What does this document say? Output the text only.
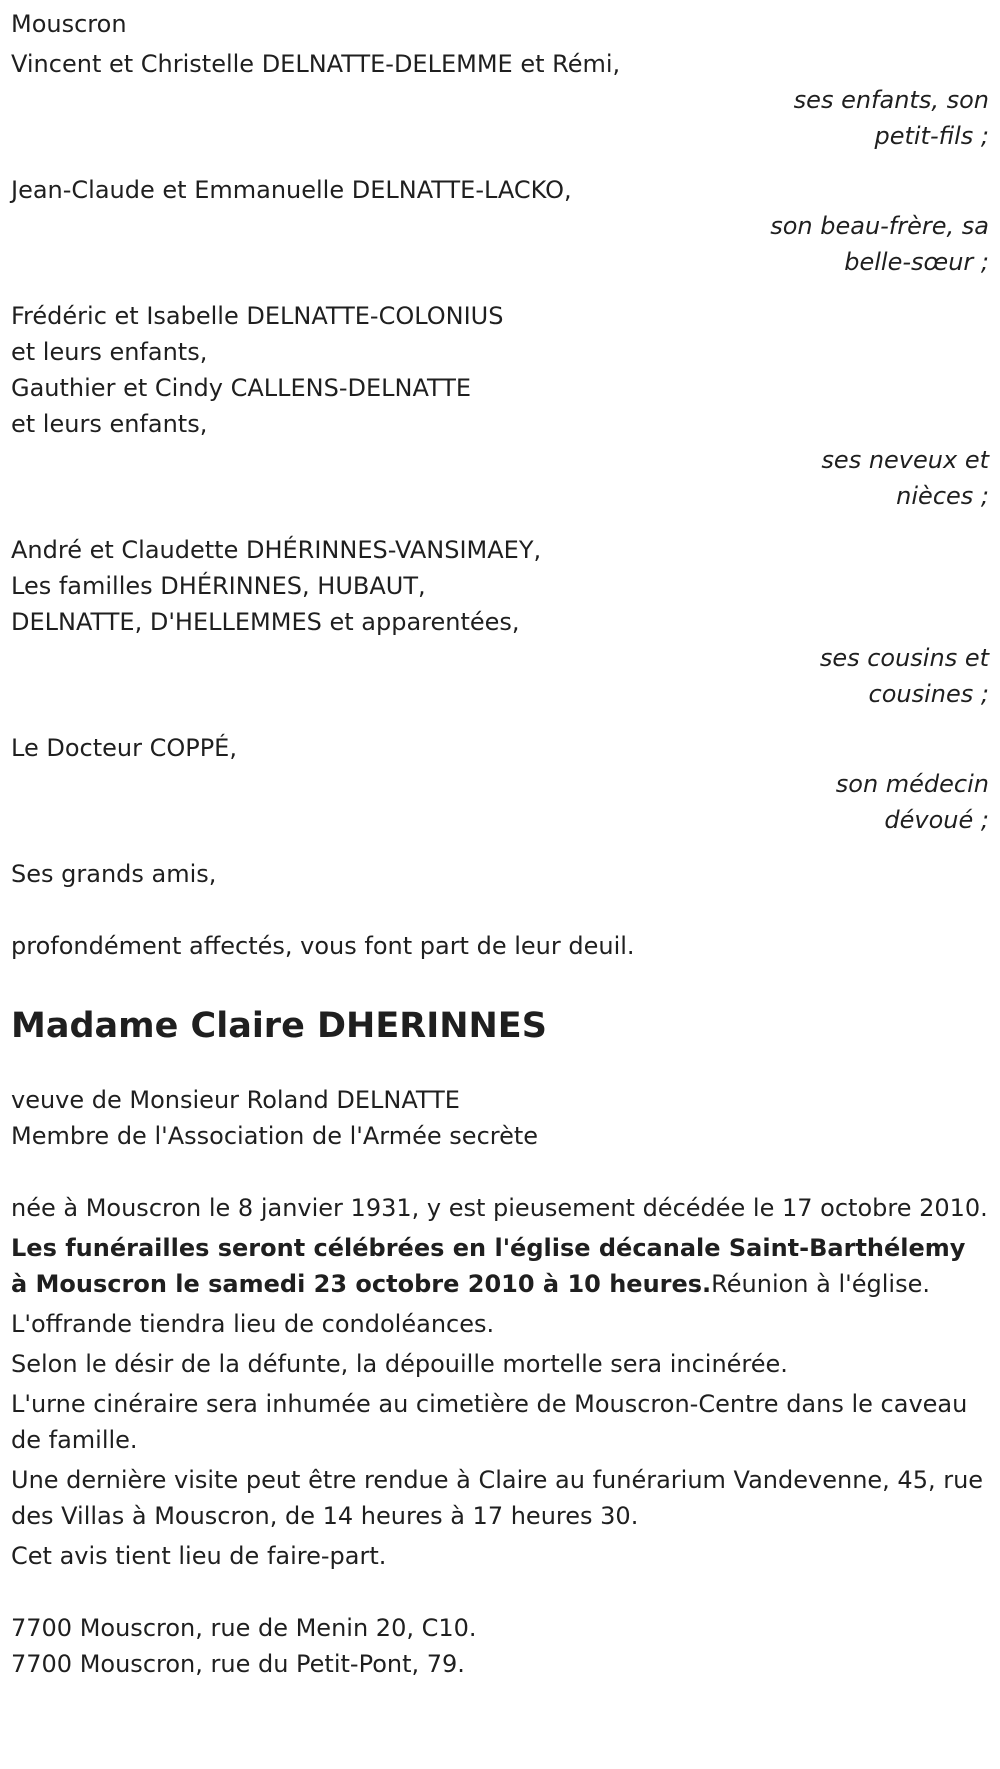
Mouscron
Vincent et Christelle DELNATTE-DELEMME et Rémi,
ses enfants, son
petit-fils ;
Jean-Claude et Emmanuelle DELNATTE-LACKO,
son beau-frère, sa
belle-sœur ;
Frédéric et Isabelle DELNATTE-COLONIUS
et leurs enfants,
Gauthier et Cindy CALLENS-DELNATTE
et leurs enfants,
ses neveux et
nièces ;
André et Claudette DHÉRINNES-VANSIMAEY,
Les familles DHÉRINNES, HUBAUT,
DELNATTE, D'HELLEMMES et apparentées,
ses cousins et
cousines ;
Le Docteur COPPÉ,
son médecin
dévoué ;
Ses grands amis,
profondément affectés, vous font part de leur deuil.
Madame Claire DHERINNES
veuve de Monsieur Roland DELNATTE
Membre de l'Association de l'Armée secrète
née à Mouscron le 8 janvier 1931, y est pieusement décédée le 17 octobre 2010.
Les funérailles seront célébrées en l'église décanale Saint-Barthélemy à Mouscron le samedi 23 octobre 2010 à 10 heures.Réunion à l'église.
L'offrande tiendra lieu de condoléances.
Selon le désir de la défunte, la dépouille mortelle sera incinérée.
L'urne cinéraire sera inhumée au cimetière de Mouscron-Centre dans le caveau de famille.
Une dernière visite peut être rendue à Claire au funérarium Vandevenne, 45, rue des Villas à Mouscron, de 14 heures à 17 heures 30.
Cet avis tient lieu de faire-part.
7700 Mouscron, rue de Menin 20, C10.
7700 Mouscron, rue du Petit-Pont, 79.
